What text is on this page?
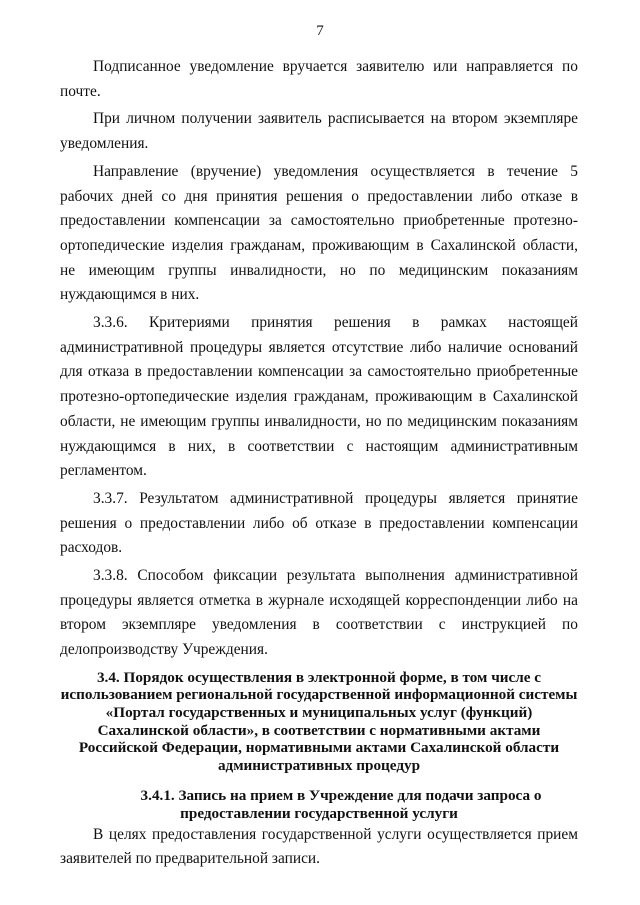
7

Подписанное уведомление вручается заявителю или направляется по почте.

При личном получении заявитель расписывается на втором экземпляре уведомления.

Направление (вручение) уведомления осуществляется в течение 5 рабочих дней со дня принятия решения о предоставлении либо отказе в предоставлении компенсации за самостоятельно приобретенные протезно-ортопедические изделия гражданам, проживающим в Сахалинской области, не имеющим группы инвалидности, но по медицинским показаниям нуждающимся в них.

3.3.6. Критериями принятия решения в рамках настоящей административной процедуры является отсутствие либо наличие оснований для отказа в предоставлении компенсации за самостоятельно приобретенные протезно-ортопедические изделия гражданам, проживающим в Сахалинской области, не имеющим группы инвалидности, но по медицинским показаниям нуждающимся в них, в соответствии с настоящим административным регламентом.

3.3.7. Результатом административной процедуры является принятие решения о предоставлении либо об отказе в предоставлении компенсации расходов.

3.3.8. Способом фиксации результата выполнения административной процедуры является отметка в журнале исходящей корреспонденции либо на втором экземпляре уведомления в соответствии с инструкцией по делопроизводству Учреждения.

3.4. Порядок осуществления в электронной форме, в том числе с использованием региональной государственной информационной системы «Портал государственных и муниципальных услуг (функций) Сахалинской области», в соответствии с нормативными актами Российской Федерации, нормативными актами Сахалинской области административных процедур

3.4.1. Запись на прием в Учреждение для подачи запроса о
предоставлении государственной услуги

В целях предоставления государственной услуги осуществляется прием заявителей по предварительной записи.
